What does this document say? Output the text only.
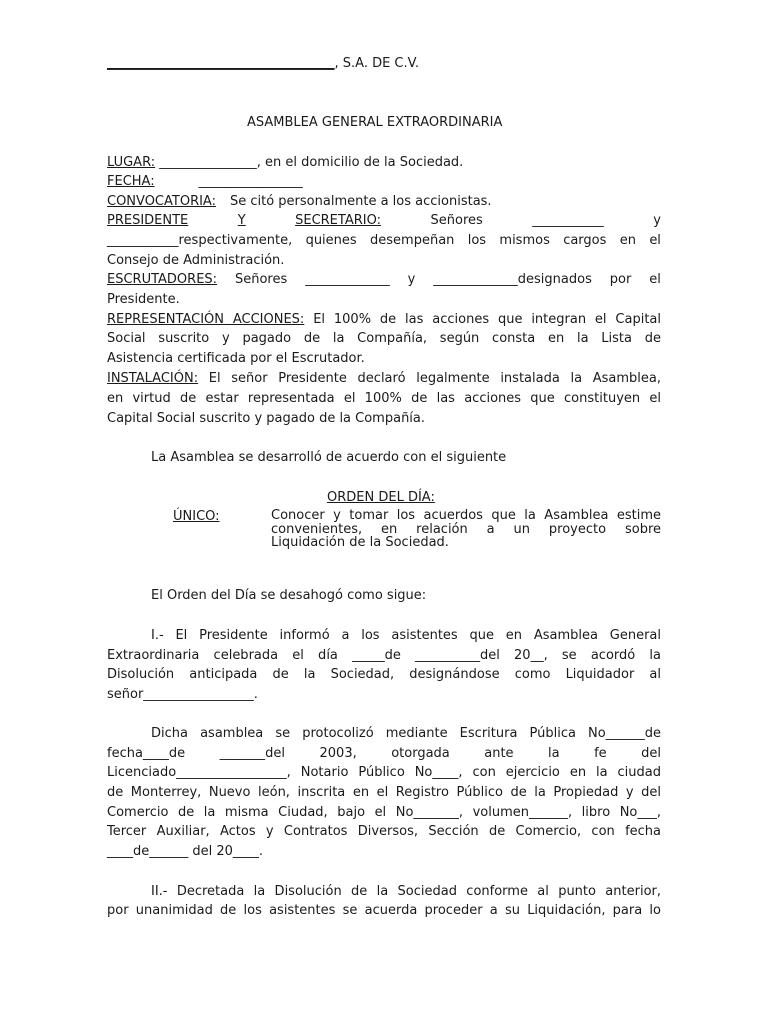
___________________________________, S.A. DE C.V.
ASAMBLEA GENERAL EXTRAORDINARIA
LUGAR: _______________, en el domicilio de la Sociedad.
FECHA:	________________
CONVOCATORIA: Se citó personalmente a los accionistas.
PRESIDENTE	Y	SECRETARIO:	Señores	___________	y
___________respectivamente, quienes desempeñan los mismos cargos en el
Consejo de Administración.
ESCRUTADORES: Señores _____________ y _____________designados por el
Presidente.
REPRESENTACIÓN ACCIONES: El 100% de las acciones que integran el Capital
Social suscrito y pagado de la Compañía, según consta en la Lista de
Asistencia certificada por el Escrutador.
INSTALACIÓN: El señor Presidente declaró legalmente instalada la Asamblea,
en virtud de estar representada el 100% de las acciones que constituyen el
Capital Social suscrito y pagado de la Compañía.
La Asamblea se desarrolló de acuerdo con el siguiente
ORDEN DEL DÍA:
ÚNICO:	Conocer y tomar los acuerdos que la Asamblea estime
convenientes, en relación a un proyecto sobre
Liquidación de la Sociedad.
El Orden del Día se desahogó como sigue:
I.- El Presidente informó a los asistentes que en Asamblea General
Extraordinaria celebrada el día _____de __________del 20__, se acordó la
Disolución anticipada de la Sociedad, designándose como Liquidador al
señor_________________.
Dicha asamblea se protocolizó mediante Escritura Pública No______de
fecha____de _______del 2003, otorgada ante la fe del
Licenciado_________________, Notario Público No____, con ejercicio en la ciudad
de Monterrey, Nuevo león, inscrita en el Registro Público de la Propiedad y del
Comercio de la misma Ciudad, bajo el No_______, volumen______, libro No___,
Tercer Auxiliar, Actos y Contratos Diversos, Sección de Comercio, con fecha
____de______ del 20____.
II.- Decretada la Disolución de la Sociedad conforme al punto anterior,
por unanimidad de los asistentes se acuerda proceder a su Liquidación, para lo
